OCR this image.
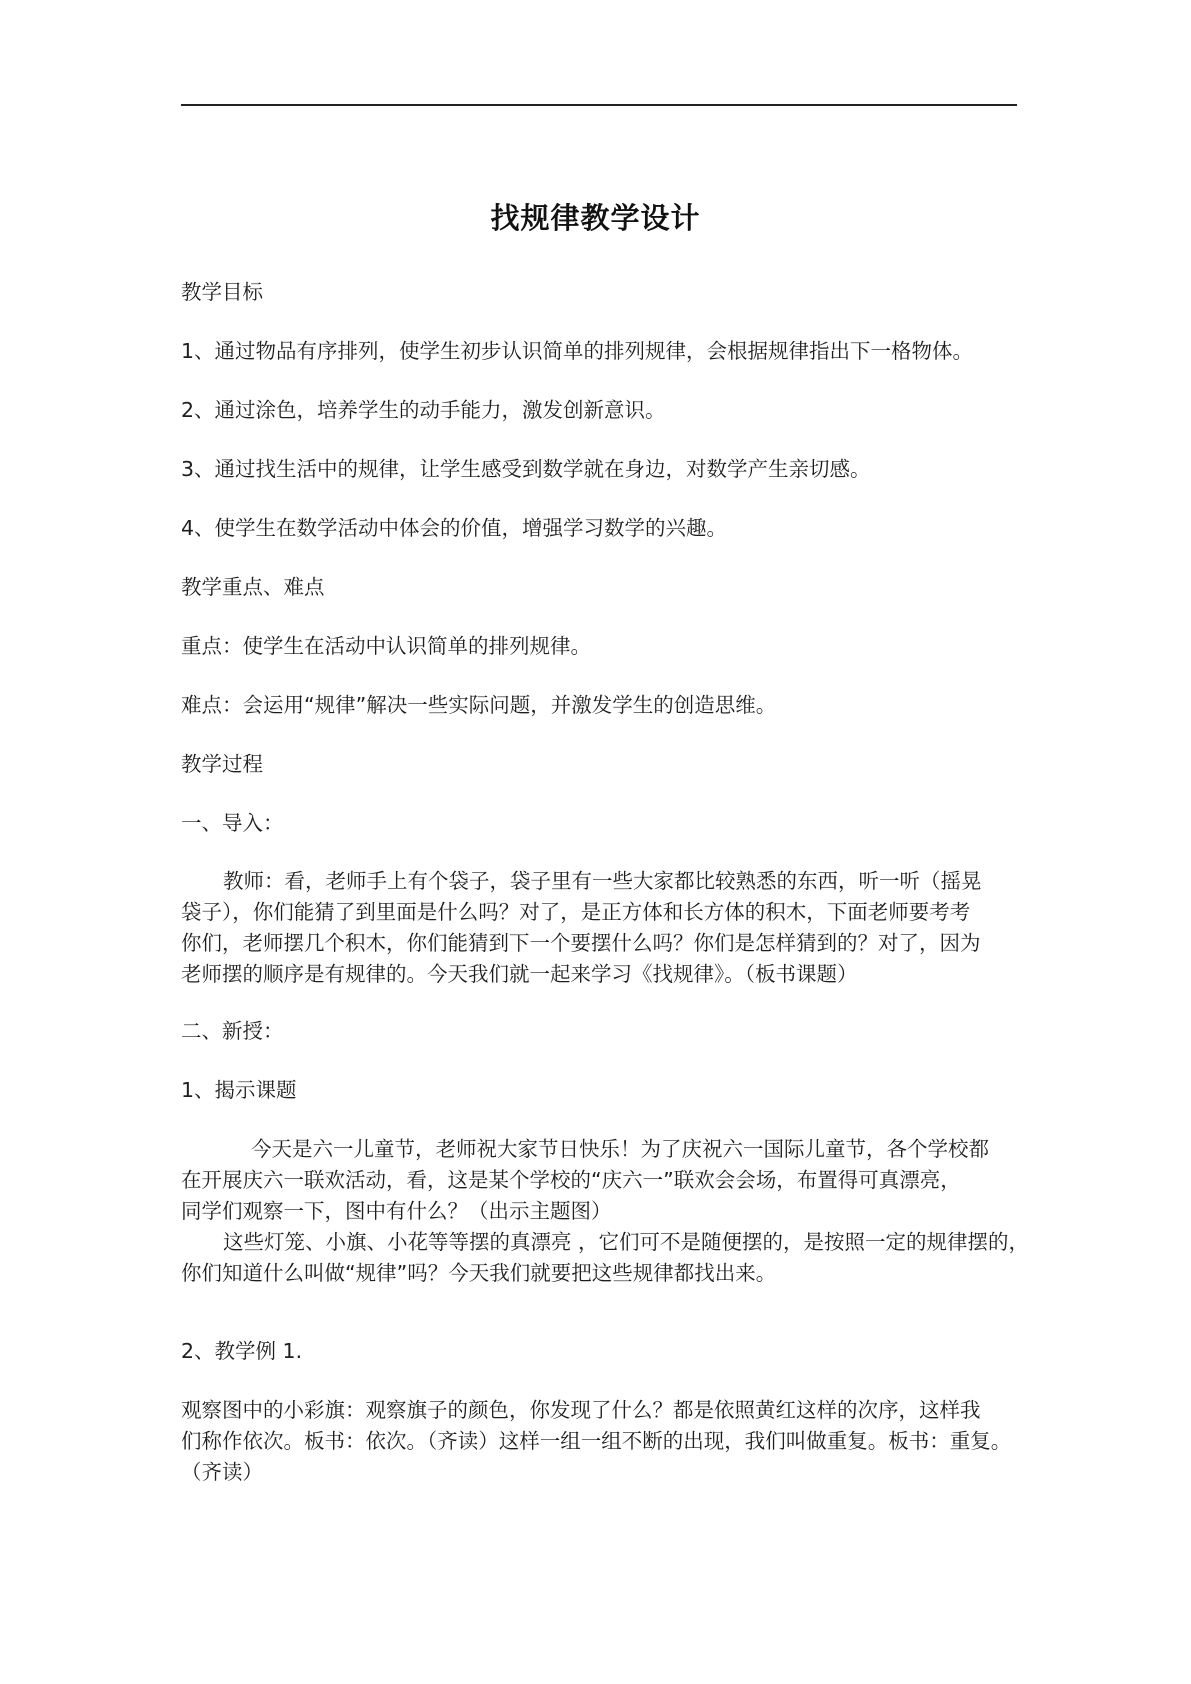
找规律教学设计
教学目标
1、通过物品有序排列，使学生初步认识简单的排列规律，会根据规律指出下一格物体。
2、通过涂色，培养学生的动手能力，激发创新意识。
3、通过找生活中的规律，让学生感受到数学就在身边，对数学产生亲切感。
4、使学生在数学活动中体会的价值，增强学习数学的兴趣。
教学重点、难点
重点：使学生在活动中认识简单的排列规律。
难点：会运用“规律”解决一些实际问题，并激发学生的创造思维。
教学过程
一、导入：
教师：看，老师手上有个袋子，袋子里有一些大家都比较熟悉的东西，听一听（摇晃
袋子），你们能猜了到里面是什么吗？对了，是正方体和长方体的积木，下面老师要考考
你们，老师摆几个积木，你们能猜到下一个要摆什么吗？你们是怎样猜到的？对了，因为
老师摆的顺序是有规律的。今天我们就一起来学习《找规律》。（板书课题）
二、新授：
1、揭示课题
今天是六一儿童节，老师祝大家节日快乐！为了庆祝六一国际儿童节，各个学校都
在开展庆六一联欢活动，看，这是某个学校的“庆六一”联欢会会场，布置得可真漂亮，
同学们观察一下，图中有什么？（出示主题图）
这些灯笼、小旗、小花等等摆的真漂亮 ，它们可不是随便摆的，是按照一定的规律摆的，
你们知道什么叫做“规律”吗？今天我们就要把这些规律都找出来。
2、教学例 1.
观察图中的小彩旗：观察旗子的颜色，你发现了什么？都是依照黄红这样的次序，这样我
们称作依次。板书：依次。（齐读）这样一组一组不断的出现，我们叫做重复。板书：重复。
（齐读）
